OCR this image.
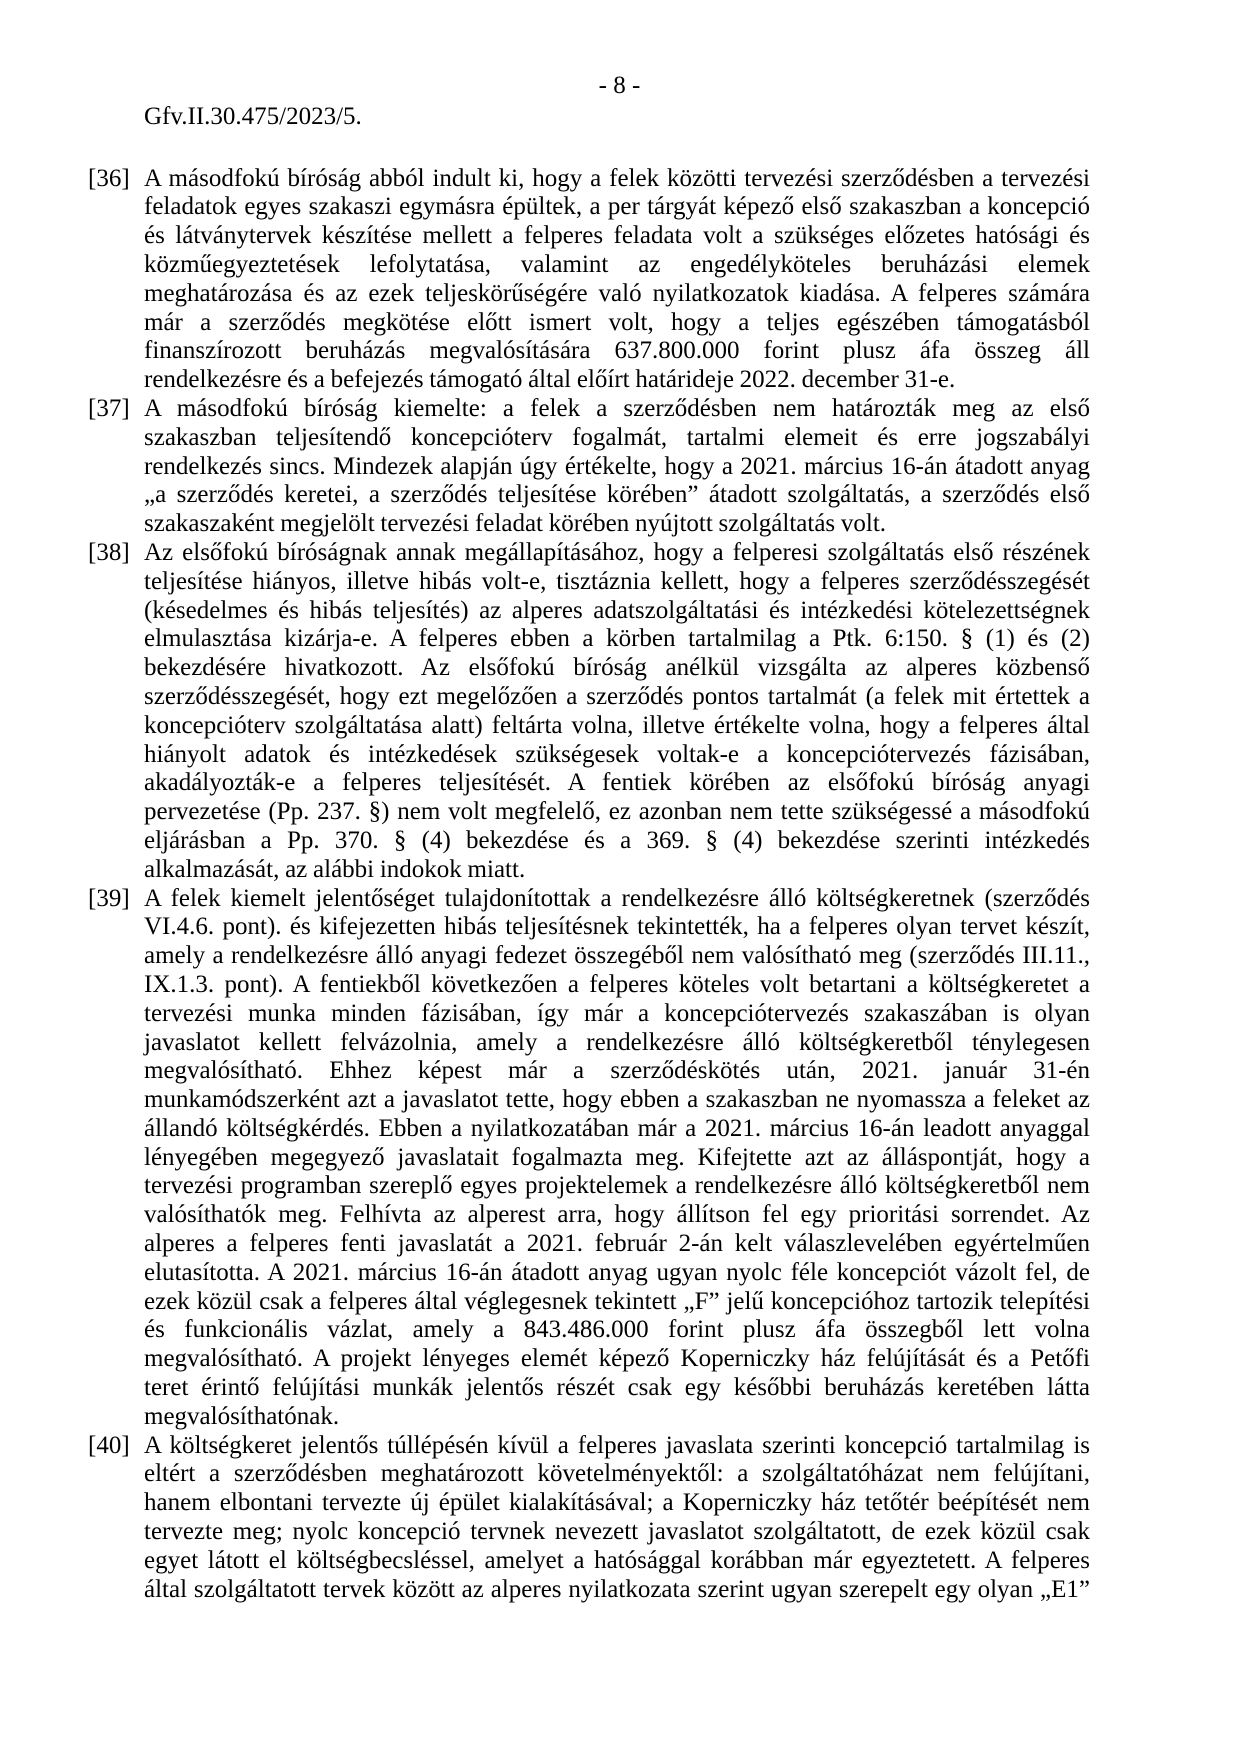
- 8 -
Gfv.II.30.475/2023/5.
[36] A másodfokú bíróság abból indult ki, hogy a felek közötti tervezési szerződésben a tervezési
feladatok egyes szakaszi egymásra épültek, a per tárgyát képező első szakaszban a koncepció
és látványtervek készítése mellett a felperes feladata volt a szükséges előzetes hatósági és
közműegyeztetések lefolytatása, valamint az engedélyköteles beruházási elemek
meghatározása és az ezek teljeskörűségére való nyilatkozatok kiadása. A felperes számára
már a szerződés megkötése előtt ismert volt, hogy a teljes egészében támogatásból
finanszírozott beruházás megvalósítására 637.800.000 forint plusz áfa összeg áll
rendelkezésre és a befejezés támogató által előírt határideje 2022. december 31-e.
[37] A másodfokú bíróság kiemelte: a felek a szerződésben nem határozták meg az első
szakaszban teljesítendő koncepcióterv fogalmát, tartalmi elemeit és erre jogszabályi
rendelkezés sincs. Mindezek alapján úgy értékelte, hogy a 2021. március 16-án átadott anyag
„a szerződés keretei, a szerződés teljesítése körében” átadott szolgáltatás, a szerződés első
szakaszaként megjelölt tervezési feladat körében nyújtott szolgáltatás volt.
[38] Az elsőfokú bíróságnak annak megállapításához, hogy a felperesi szolgáltatás első részének
teljesítése hiányos, illetve hibás volt-e, tisztáznia kellett, hogy a felperes szerződésszegését
(késedelmes és hibás teljesítés) az alperes adatszolgáltatási és intézkedési kötelezettségnek
elmulasztása kizárja-e. A felperes ebben a körben tartalmilag a Ptk. 6:150. § (1) és (2)
bekezdésére hivatkozott. Az elsőfokú bíróság anélkül vizsgálta az alperes közbenső
szerződésszegését, hogy ezt megelőzően a szerződés pontos tartalmát (a felek mit értettek a
koncepcióterv szolgáltatása alatt) feltárta volna, illetve értékelte volna, hogy a felperes által
hiányolt adatok és intézkedések szükségesek voltak-e a koncepciótervezés fázisában,
akadályozták-e a felperes teljesítését. A fentiek körében az elsőfokú bíróság anyagi
pervezetése (Pp. 237. §) nem volt megfelelő, ez azonban nem tette szükségessé a másodfokú
eljárásban a Pp. 370. § (4) bekezdése és a 369. § (4) bekezdése szerinti intézkedés
alkalmazását, az alábbi indokok miatt.
[39] A felek kiemelt jelentőséget tulajdonítottak a rendelkezésre álló költségkeretnek (szerződés
VI.4.6. pont). és kifejezetten hibás teljesítésnek tekintették, ha a felperes olyan tervet készít,
amely a rendelkezésre álló anyagi fedezet összegéből nem valósítható meg (szerződés III.11.,
IX.1.3. pont). A fentiekből következően a felperes köteles volt betartani a költségkeretet a
tervezési munka minden fázisában, így már a koncepciótervezés szakaszában is olyan
javaslatot kellett felvázolnia, amely a rendelkezésre álló költségkeretből ténylegesen
megvalósítható. Ehhez képest már a szerződéskötés után, 2021. január 31-én
munkamódszerként azt a javaslatot tette, hogy ebben a szakaszban ne nyomassza a feleket az
állandó költségkérdés. Ebben a nyilatkozatában már a 2021. március 16-án leadott anyaggal
lényegében megegyező javaslatait fogalmazta meg. Kifejtette azt az álláspontját, hogy a
tervezési programban szereplő egyes projektelemek a rendelkezésre álló költségkeretből nem
valósíthatók meg. Felhívta az alperest arra, hogy állítson fel egy prioritási sorrendet. Az
alperes a felperes fenti javaslatát a 2021. február 2-án kelt válaszlevelében egyértelműen
elutasította. A 2021. március 16-án átadott anyag ugyan nyolc féle koncepciót vázolt fel, de
ezek közül csak a felperes által véglegesnek tekintett „F” jelű koncepcióhoz tartozik telepítési
és funkcionális vázlat, amely a 843.486.000 forint plusz áfa összegből lett volna
megvalósítható. A projekt lényeges elemét képező Koperniczky ház felújítását és a Petőfi
teret érintő felújítási munkák jelentős részét csak egy későbbi beruházás keretében látta
megvalósíthatónak.
[40] A költségkeret jelentős túllépésén kívül a felperes javaslata szerinti koncepció tartalmilag is
eltért a szerződésben meghatározott követelményektől: a szolgáltatóházat nem felújítani,
hanem elbontani tervezte új épület kialakításával; a Koperniczky ház tetőtér beépítését nem
tervezte meg; nyolc koncepció tervnek nevezett javaslatot szolgáltatott, de ezek közül csak
egyet látott el költségbecsléssel, amelyet a hatósággal korábban már egyeztetett. A felperes
által szolgáltatott tervek között az alperes nyilatkozata szerint ugyan szerepelt egy olyan „E1”
